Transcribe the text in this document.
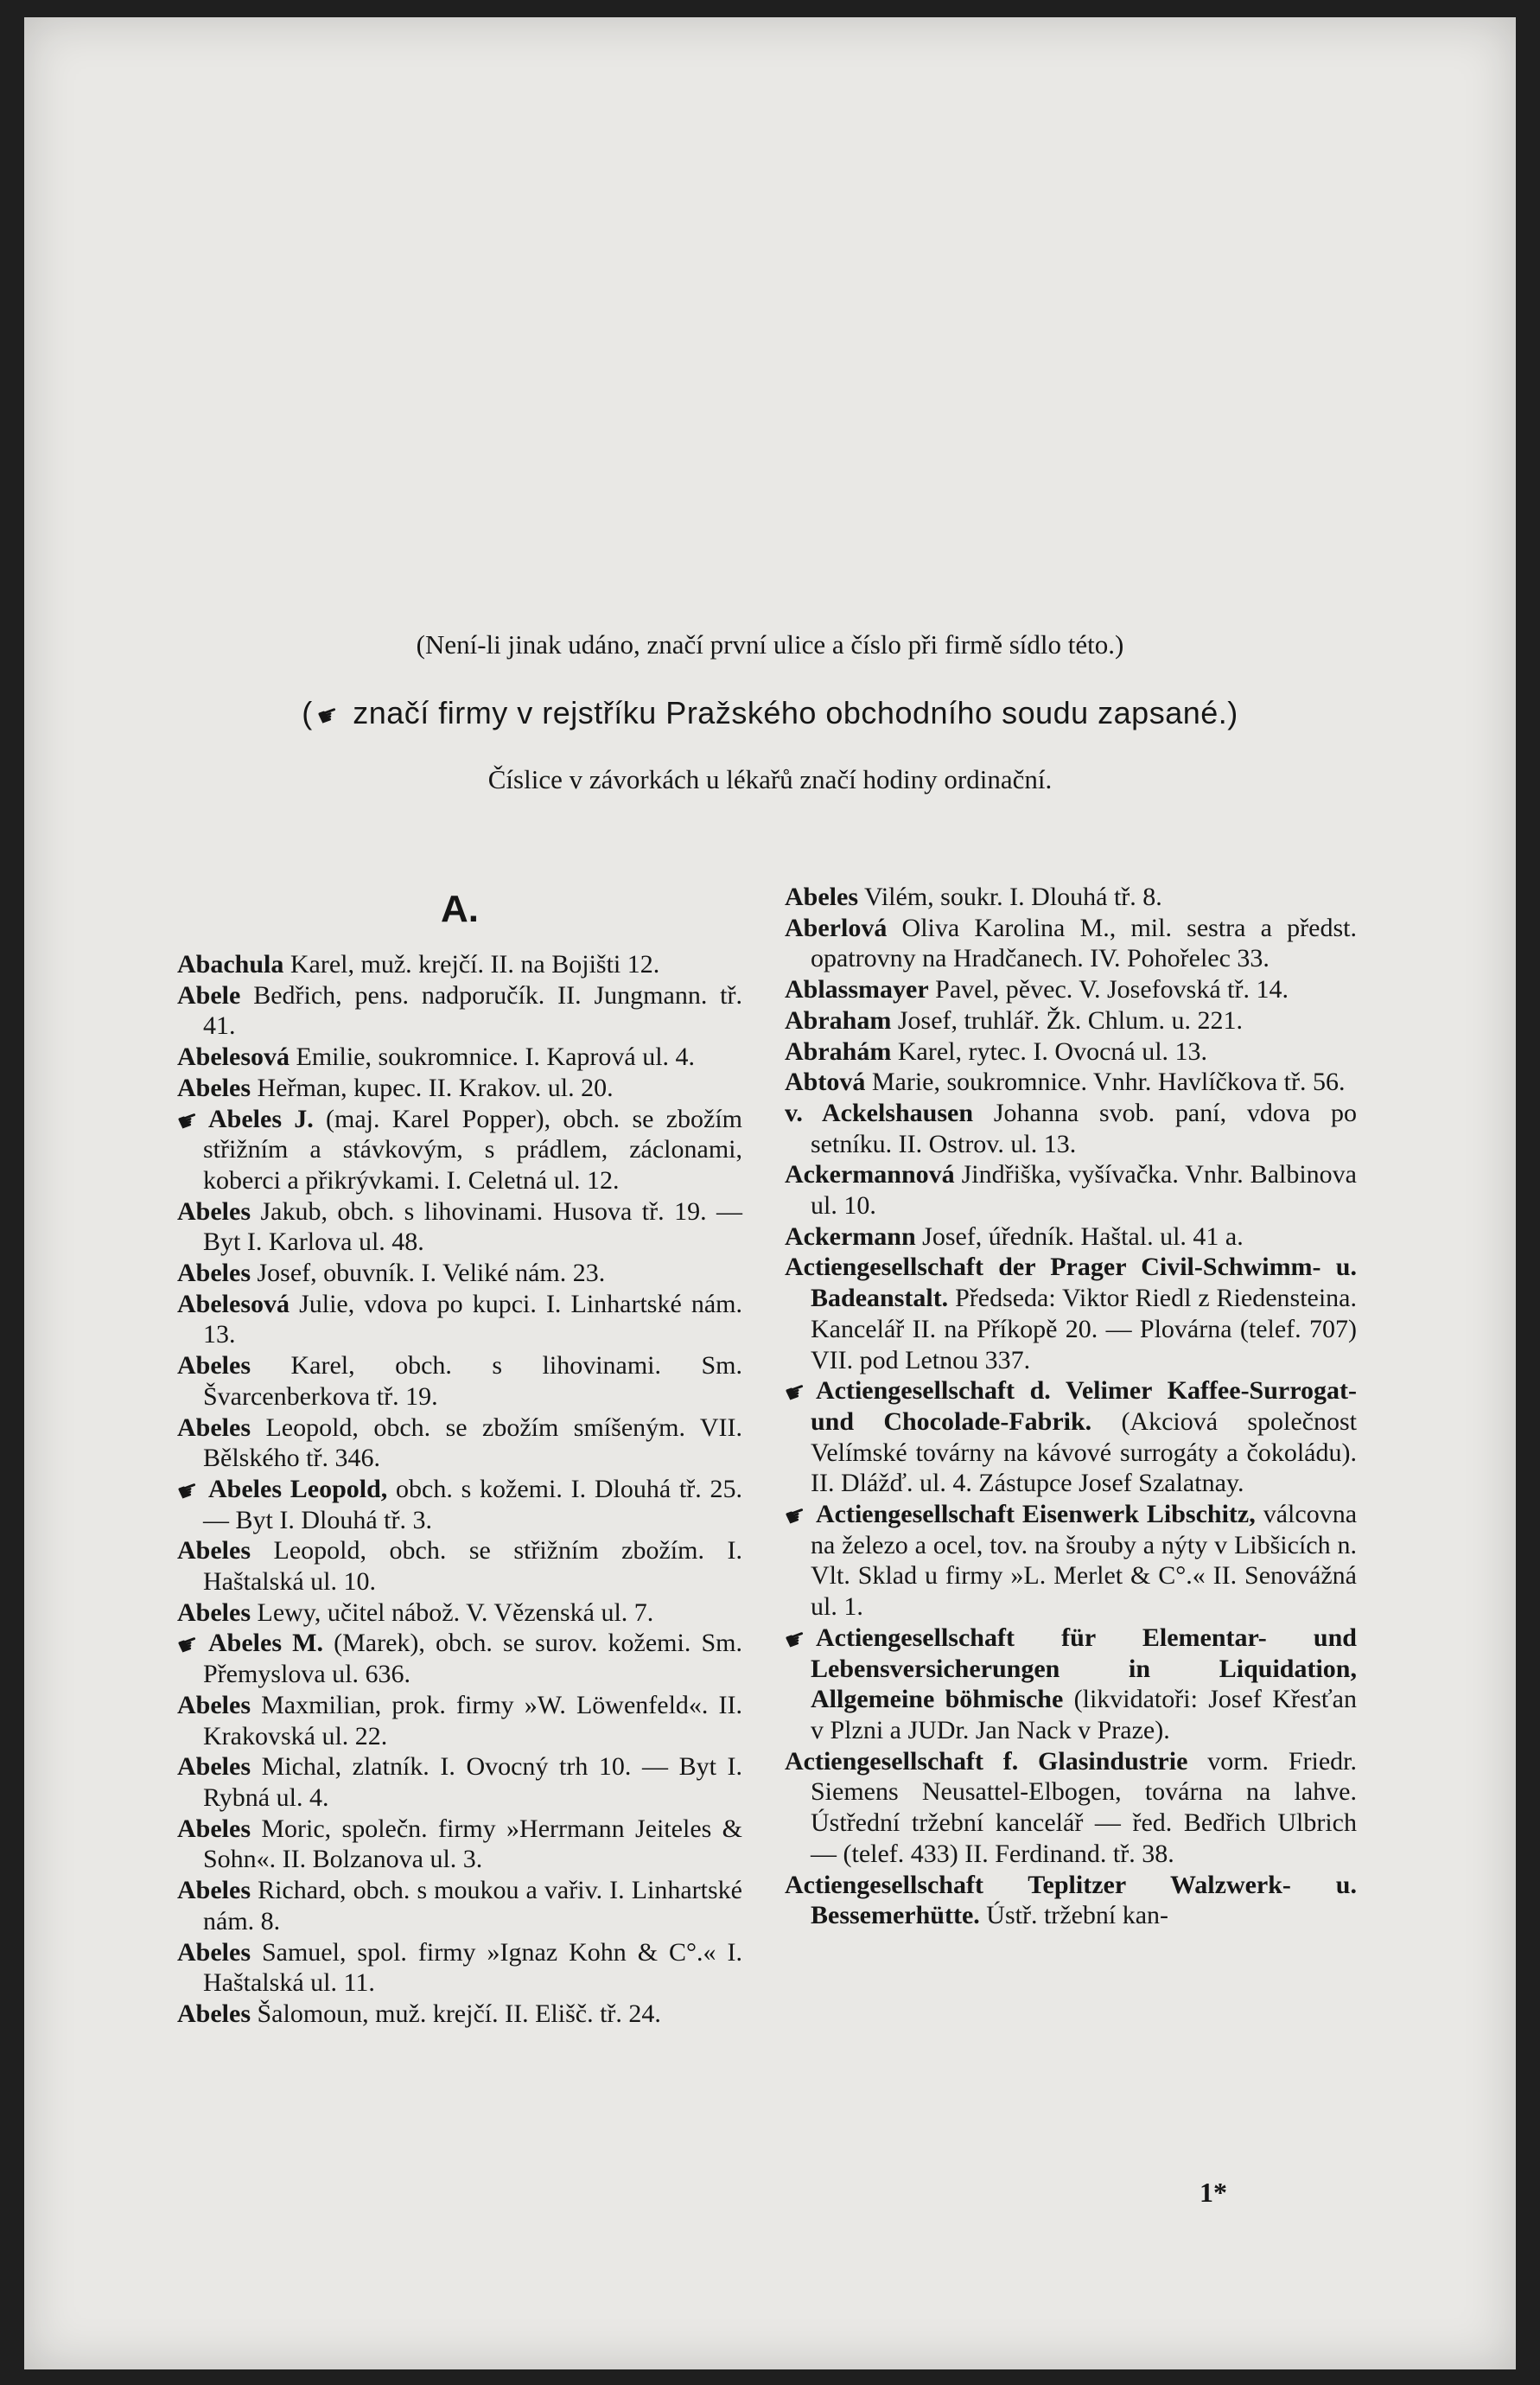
(Není-li jinak udáno, značí první ulice a číslo při firmě sídlo této.)
(☛ značí firmy v rejstříku Pražského obchodního soudu zapsané.)
Číslice v závorkách u lékařů značí hodiny ordinační.
A.
Abachula Karel, muž. krejčí. II. na Bojišti 12.
Abele Bedřich, pens. nadporučík. II. Jungmann. tř. 41.
Abelesová Emilie, soukromnice. I. Kaprová ul. 4.
Abeles Heřman, kupec. II. Krakov. ul. 20.
☛ Abeles J. (maj. Karel Popper), obch. se zbožím střižním a stávkovým, s prádlem, záclonami, koberci a přikrývkami. I. Celetná ul. 12.
Abeles Jakub, obch. s lihovinami. Husova tř. 19. — Byt I. Karlova ul. 48.
Abeles Josef, obuvník. I. Veliké nám. 23.
Abelesová Julie, vdova po kupci. I. Linhartské nám. 13.
Abeles Karel, obch. s lihovinami. Sm. Švarcenberkova tř. 19.
Abeles Leopold, obch. se zbožím smíšeným. VII. Bělského tř. 346.
☛ Abeles Leopold, obch. s kožemi. I. Dlouhá tř. 25. — Byt I. Dlouhá tř. 3.
Abeles Leopold, obch. se střižním zbožím. I. Haštalská ul. 10.
Abeles Lewy, učitel nábož. V. Vězenská ul. 7.
☛ Abeles M. (Marek), obch. se surov. kožemi. Sm. Přemyslova ul. 636.
Abeles Maxmilian, prok. firmy »W. Löwenfeld«. II. Krakovská ul. 22.
Abeles Michal, zlatník. I. Ovocný trh 10. — Byt I. Rybná ul. 4.
Abeles Moric, společn. firmy »Herrmann Jeiteles & Sohn«. II. Bolzanova ul. 3.
Abeles Richard, obch. s moukou a vařiv. I. Linhartské nám. 8.
Abeles Samuel, spol. firmy »Ignaz Kohn & C°.« I. Haštalská ul. 11.
Abeles Šalomoun, muž. krejčí. II. Elišč. tř. 24.
Abeles Vilém, soukr. I. Dlouhá tř. 8.
Aberlová Oliva Karolina M., mil. sestra a předst. opatrovny na Hradčanech. IV. Pohořelec 33.
Ablassmayer Pavel, pěvec. V. Josefovská tř. 14.
Abraham Josef, truhlář. Žk. Chlum. u. 221.
Abrahám Karel, rytec. I. Ovocná ul. 13.
Abtová Marie, soukromnice. Vnhr. Havlíčkova tř. 56.
v. Ackelshausen Johanna svob. paní, vdova po setníku. II. Ostrov. ul. 13.
Ackermannová Jindřiška, vyšívačka. Vnhr. Balbinova ul. 10.
Ackermann Josef, úředník. Haštal. ul. 41 a.
Actiengesellschaft der Prager Civil-Schwimm- u. Badeanstalt. Předseda: Viktor Riedl z Riedensteina. Kancelář II. na Příkopě 20. — Plovárna (telef. 707) VII. pod Letnou 337.
☛ Actiengesellschaft d. Velimer Kaffee-Surrogat- und Chocolade-Fabrik. (Akciová společnost Velímské továrny na kávové surrogáty a čokoládu). II. Dlážď. ul. 4. Zástupce Josef Szalatnay.
☛ Actiengesellschaft Eisenwerk Libschitz, válcovna na železo a ocel, tov. na šrouby a nýty v Libšicích n. Vlt. Sklad u firmy »L. Merlet & C°.« II. Senovážná ul. 1.
☛ Actiengesellschaft für Elementar- und Lebensversicherungen in Liquidation, Allgemeine böhmische (likvidatoři: Josef Křesťan v Plzni a JUDr. Jan Nack v Praze).
Actiengesellschaft f. Glasindustrie vorm. Friedr. Siemens Neusattel-Elbogen, továrna na lahve. Ústřední tržební kancelář — řed. Bedřich Ulbrich — (telef. 433) II. Ferdinand. tř. 38.
Actiengesellschaft Teplitzer Walzwerk- u. Bessemerhütte. Ústř. tržební kan-
1*
